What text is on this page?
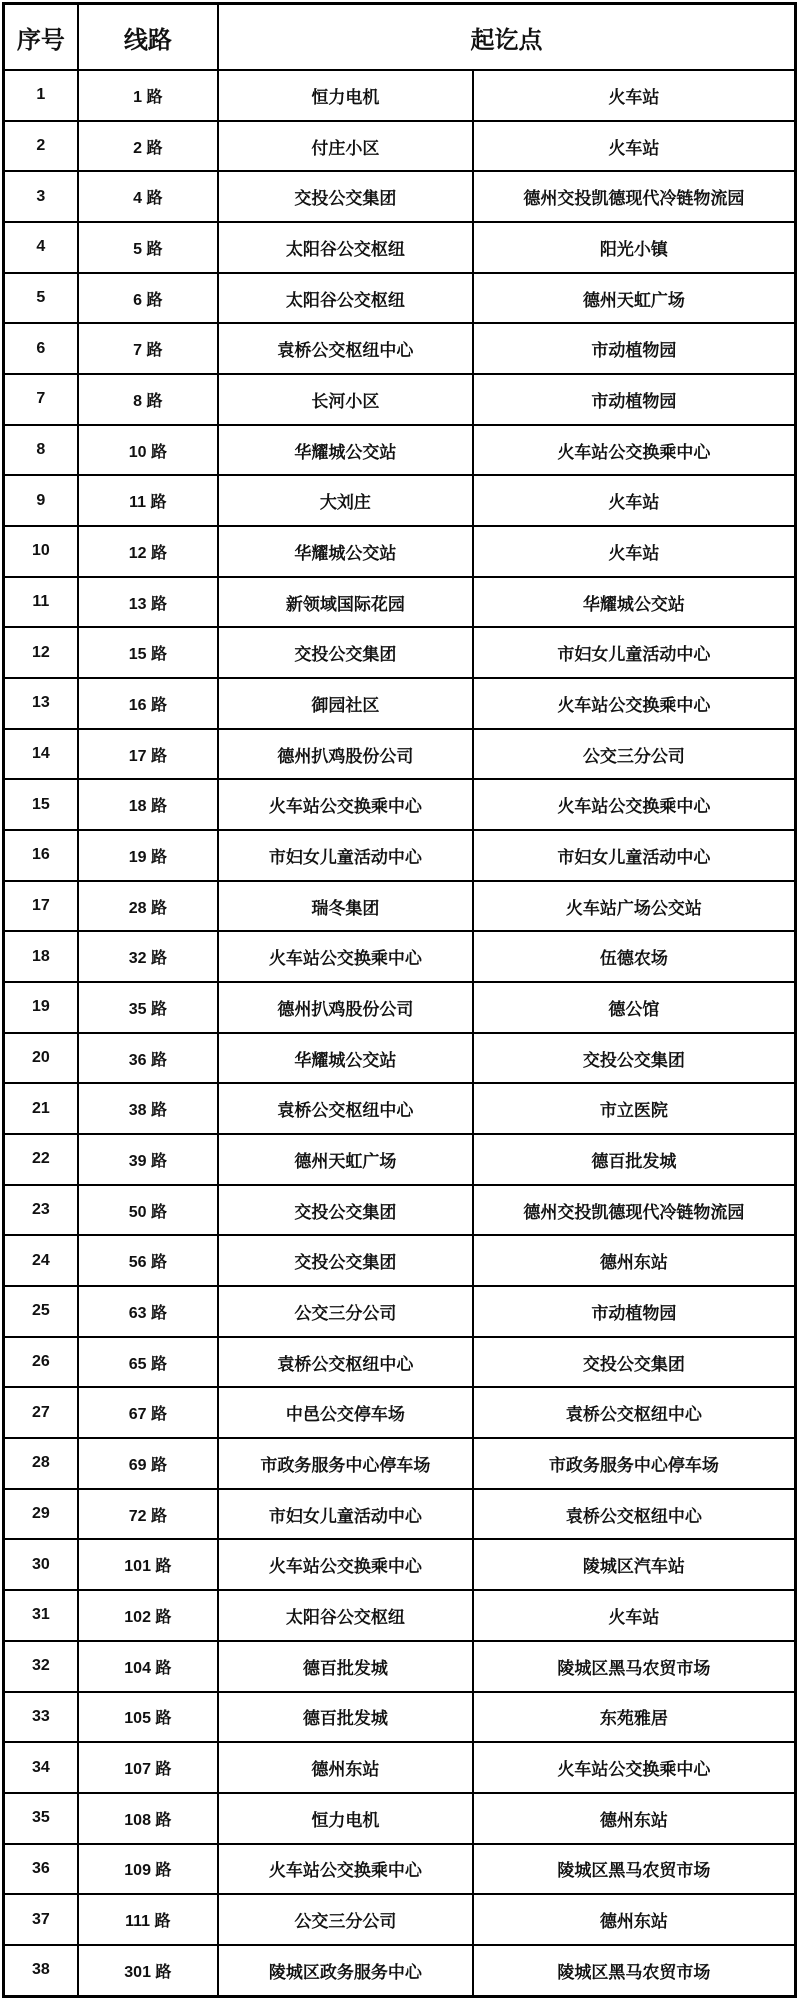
序号	线路	起讫点	
1	1 路	恒力电机	火车站
2	2 路	付庄小区	火车站
3	4 路	交投公交集团	德州交投凯德现代冷链物流园
4	5 路	太阳谷公交枢纽	阳光小镇
5	6 路	太阳谷公交枢纽	德州天虹广场
6	7 路	袁桥公交枢纽中心	市动植物园
7	8 路	长河小区	市动植物园
8	10 路	华耀城公交站	火车站公交换乘中心
9	11 路	大刘庄	火车站
10	12 路	华耀城公交站	火车站
11	13 路	新领域国际花园	华耀城公交站
12	15 路	交投公交集团	市妇女儿童活动中心
13	16 路	御园社区	火车站公交换乘中心
14	17 路	德州扒鸡股份公司	公交三分公司
15	18 路	火车站公交换乘中心	火车站公交换乘中心
16	19 路	市妇女儿童活动中心	市妇女儿童活动中心
17	28 路	瑞冬集团	火车站广场公交站
18	32 路	火车站公交换乘中心	伍德农场
19	35 路	德州扒鸡股份公司	德公馆
20	36 路	华耀城公交站	交投公交集团
21	38 路	袁桥公交枢纽中心	市立医院
22	39 路	德州天虹广场	德百批发城
23	50 路	交投公交集团	德州交投凯德现代冷链物流园
24	56 路	交投公交集团	德州东站
25	63 路	公交三分公司	市动植物园
26	65 路	袁桥公交枢纽中心	交投公交集团
27	67 路	中邑公交停车场	袁桥公交枢纽中心
28	69 路	市政务服务中心停车场	市政务服务中心停车场
29	72 路	市妇女儿童活动中心	袁桥公交枢纽中心
30	101 路	火车站公交换乘中心	陵城区汽车站
31	102 路	太阳谷公交枢纽	火车站
32	104 路	德百批发城	陵城区黑马农贸市场
33	105 路	德百批发城	东苑雅居
34	107 路	德州东站	火车站公交换乘中心
35	108 路	恒力电机	德州东站
36	109 路	火车站公交换乘中心	陵城区黑马农贸市场
37	111 路	公交三分公司	德州东站
38	301 路	陵城区政务服务中心	陵城区黑马农贸市场
